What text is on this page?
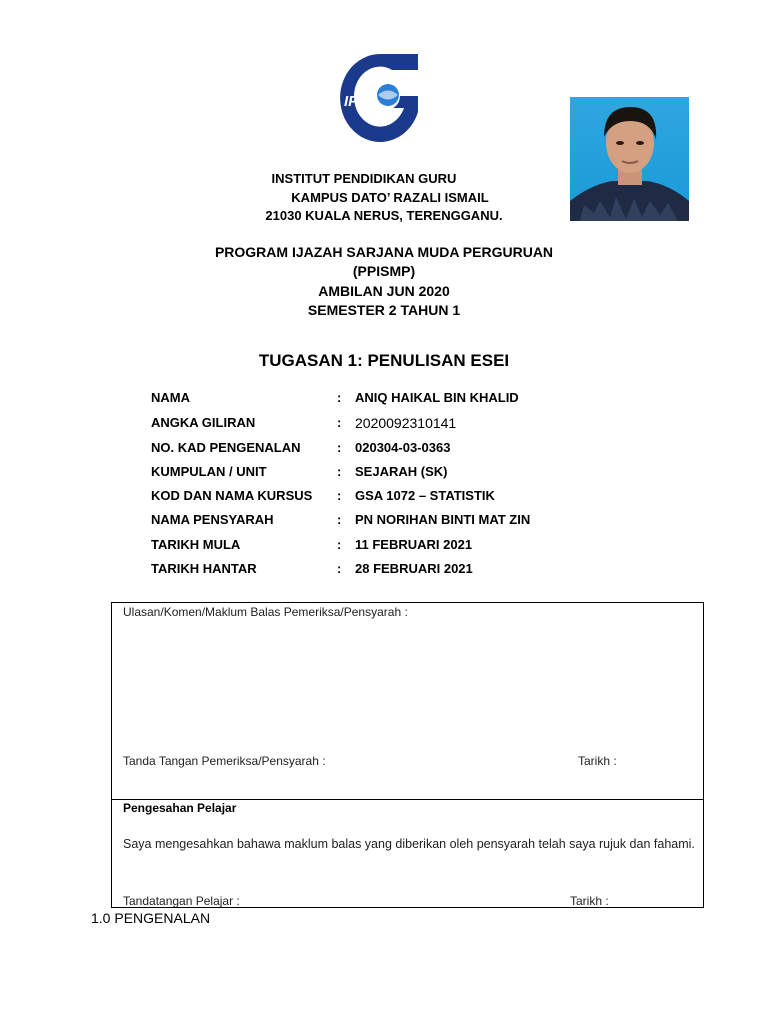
IPG
INSTITUT PENDIDIKAN GURU
KAMPUS DATO’ RAZALI ISMAIL
21030 KUALA NERUS, TERENGGANU.
PROGRAM IJAZAH SARJANA MUDA PERGURUAN
(PPISMP)
AMBILAN JUN 2020
SEMESTER 2 TAHUN 1
TUGASAN 1: PENULISAN ESEI
NAMA	: ANIQ HAIKAL BIN KHALID
ANGKA GILIRAN	: 2020092310141
NO. KAD PENGENALAN	: 020304-03-0363
KUMPULAN / UNIT	: SEJARAH (SK)
KOD DAN NAMA KURSUS : GSA 1072 – STATISTIK
NAMA PENSYARAH	: PN NORIHAN BINTI MAT ZIN
TARIKH MULA	: 11 FEBRUARI 2021
TARIKH HANTAR	: 28 FEBRUARI 2021
Ulasan/Komen/Maklum Balas Pemeriksa/Pensyarah :
Tanda Tangan Pemeriksa/Pensyarah :	Tarikh :
Pengesahan Pelajar
Saya mengesahkan bahawa maklum balas yang diberikan oleh pensyarah telah saya rujuk dan fahami.
Tandatangan Pelajar :	Tarikh :
1.0 PENGENALAN
